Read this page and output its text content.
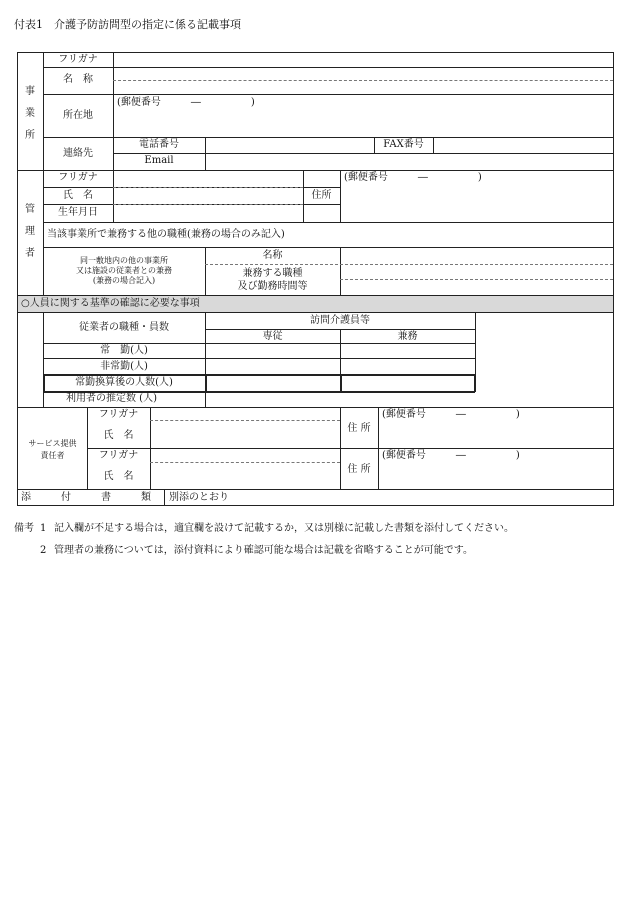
付表1　介護予防訪問型の指定に係る記載事項
事
業
所
フリガナ
名　称
所在地
(郵便番号　　　―　　　　　)
連絡先
電話番号	FAX番号
Email
管
理
者
フリガナ
氏　名
生年月日
住所
(郵便番号　　　―　　　　　)
当該事業所で兼務する他の職種(兼務の場合のみ記入)
同一敷地内の他の事業所
又は施設の従業者との兼務
(兼務の場合記入)
名称
兼務する職種
及び勤務時間等
○人員に関する基準の確認に必要な事項
従業者の職種・員数
訪問介護員等
専従	兼務
常　勤(人)
非常勤(人)
常勤換算後の人数(人)
利用者の推定数 (人)
サービス提供
責任者
フリガナ
氏　名
住 所
(郵便番号　　　―　　　　　)
フリガナ
氏　名
住 所
(郵便番号　　　―　　　　　)
添　　　付　　　書　　　類 別添のとおり
備考 1 記入欄が不足する場合は，適宜欄を設けて記載するか，又は別様に記載した書類を添付してください。
2 管理者の兼務については，添付資料により確認可能な場合は記載を省略することが可能です。
